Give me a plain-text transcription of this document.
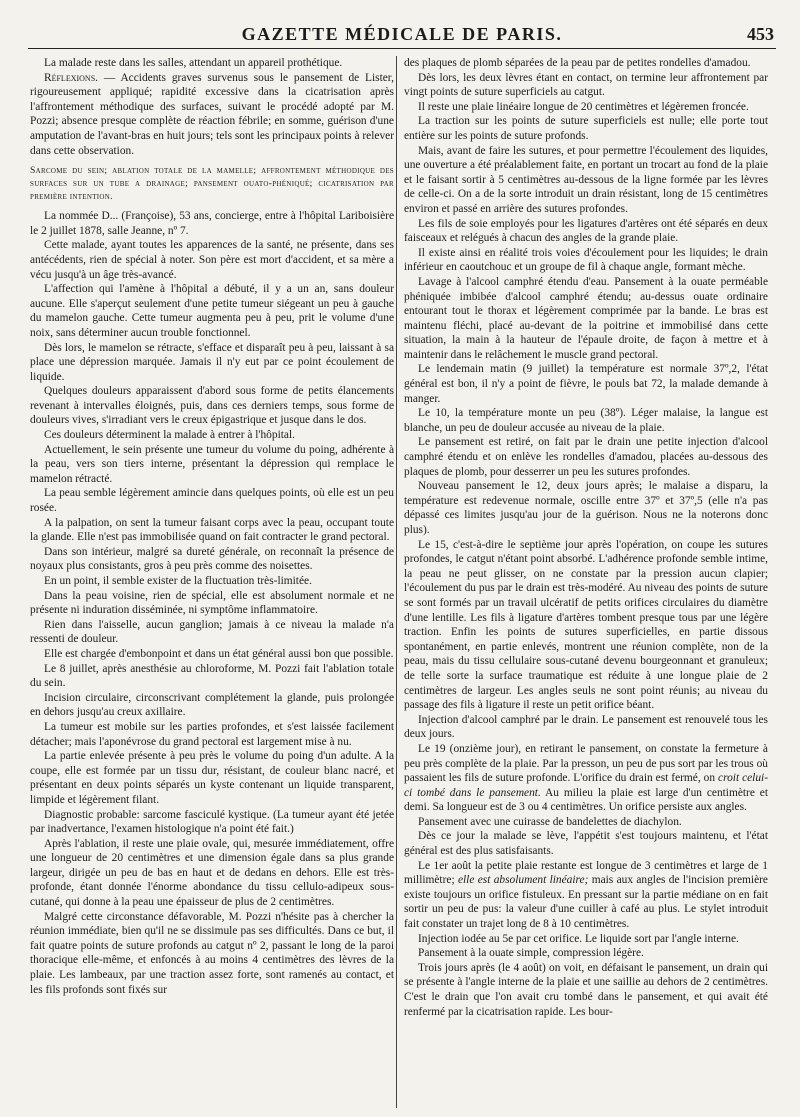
GAZETTE MÉDICALE DE PARIS.	453

La malade reste dans les salles, attendant un appareil prothétique.

Réflexions. — Accidents graves survenus sous le pansement de Lister, rigoureusement appliqué; rapidité excessive dans la cicatrisation après l'affrontement méthodique des surfaces, suivant le procédé adopté par M. Pozzi; absence presque complète de réaction fébrile; en somme, guérison d'une amputation de l'avant-bras en huit jours; tels sont les principaux points à relever dans cette observation.

Sarcome du sein; ablation totale de la mamelle; affrontement méthodique des surfaces sur un tube a drainage; pansement ouato-phéniqué; cicatrisation par première intention.

La nommée D... (Françoise), 53 ans, concierge, entre à l'hôpital Lariboisière le 2 juillet 1878, salle Jeanne, nº 7.

Cette malade, ayant toutes les apparences de la santé, ne présente, dans ses antécédents, rien de spécial à noter. Son père est mort d'accident, et sa mère a vécu jusqu'à un âge très-avancé.

L'affection qui l'amène à l'hôpital a débuté, il y a un an, sans douleur aucune. Elle s'aperçut seulement d'une petite tumeur siégeant un peu à gauche du mamelon gauche. Cette tumeur augmenta peu à peu, prit le volume d'une noix, sans déterminer aucun trouble fonctionnel.

Dès lors, le mamelon se rétracte, s'efface et disparaît peu à peu, laissant à sa place une dépression marquée. Jamais il n'y eut par ce point écoulement de liquide.

Quelques douleurs apparaissent d'abord sous forme de petits élancements revenant à intervalles éloignés, puis, dans ces derniers temps, sous forme de douleurs vives, s'irradiant vers le creux épigastrique et jusque dans le dos.

Ces douleurs déterminent la malade à entrer à l'hôpital.

Actuellement, le sein présente une tumeur du volume du poing, adhérente à la peau, vers son tiers interne, présentant la dépression qui remplace le mamelon rétracté.

La peau semble légèrement amincie dans quelques points, où elle est un peu rosée.

A la palpation, on sent la tumeur faisant corps avec la peau, occupant toute la glande. Elle n'est pas immobilisée quand on fait contracter le grand pectoral.

Dans son intérieur, malgré sa dureté générale, on reconnaît la présence de noyaux plus consistants, gros à peu près comme des noisettes.

En un point, il semble exister de la fluctuation très-limitée.

Dans la peau voisine, rien de spécial, elle est absolument normale et ne présente ni induration disséminée, ni symptôme inflammatoire.

Rien dans l'aisselle, aucun ganglion; jamais à ce niveau la malade n'a ressenti de douleur.

Elle est chargée d'embonpoint et dans un état général aussi bon que possible.

Le 8 juillet, après anesthésie au chloroforme, M. Pozzi fait l'ablation totale du sein.

Incision circulaire, circonscrivant complétement la glande, puis prolongée en dehors jusqu'au creux axillaire.

La tumeur est mobile sur les parties profondes, et s'est laissée facilement détacher; mais l'aponévrose du grand pectoral est largement mise à nu.

La partie enlevée présente à peu près le volume du poing d'un adulte. A la coupe, elle est formée par un tissu dur, résistant, de couleur blanc nacré, et présentant en deux points séparés un kyste contenant un liquide transparent, limpide et légèrement filant.

Diagnostic probable: sarcome fasciculé kystique. (La tumeur ayant été jetée par inadvertance, l'examen histologique n'a point été fait.)

Après l'ablation, il reste une plaie ovale, qui, mesurée immédiatement, offre une longueur de 20 centimètres et une dimension égale dans sa plus grande largeur, dirigée un peu de bas en haut et de dedans en dehors. Elle est très-profonde, étant donnée l'énorme abondance du tissu cellulo-adipeux sous-cutané, qui donne à la peau une épaisseur de plus de 2 centimètres.

Malgré cette circonstance défavorable, M. Pozzi n'hésite pas à chercher la réunion immédiate, bien qu'il ne se dissimule pas ses difficultés. Dans ce but, il fait quatre points de suture profonds au catgut nº 2, passant le long de la paroi thoracique elle-même, et enfoncés à au moins 4 centimètres des lèvres de la plaie. Les lambeaux, par une traction assez forte, sont ramenés au contact, et les fils profonds sont fixés sur

des plaques de plomb séparées de la peau par de petites rondelles d'amadou.

Dès lors, les deux lèvres étant en contact, on termine leur affrontement par vingt points de suture superficiels au catgut.

Il reste une plaie linéaire longue de 20 centimètres et légèremen froncée.

La traction sur les points de suture superficiels est nulle; elle porte tout entière sur les points de suture profonds.

Mais, avant de faire les sutures, et pour permettre l'écoulement des liquides, une ouverture a été préalablement faite, en portant un trocart au fond de la plaie et le faisant sortir à 5 centimètres au-dessous de la ligne formée par les lèvres de celle-ci. On a de la sorte introduit un drain résistant, long de 15 centimètres environ et passé en arrière des sutures profondes.

Les fils de soie employés pour les ligatures d'artères ont été séparés en deux faisceaux et relégués à chacun des angles de la grande plaie.

Il existe ainsi en réalité trois voies d'écoulement pour les liquides; le drain inférieur en caoutchouc et un groupe de fil à chaque angle, formant mèche.

Lavage à l'alcool camphré étendu d'eau. Pansement à la ouate perméable phéniquée imbibée d'alcool camphré étendu; au-dessus ouate ordinaire entourant tout le thorax et légèrement comprimée par la bande. Le bras est maintenu fléchi, placé au-devant de la poitrine et immobilisé dans cette situation, la main à la hauteur de l'épaule droite, de façon à mettre et à maintenir dans le relâchement le muscle grand pectoral.

Le lendemain matin (9 juillet) la température est normale 37º,2, l'état général est bon, il n'y a point de fièvre, le pouls bat 72, la malade demande à manger.

Le 10, la température monte un peu (38º). Léger malaise, la langue est blanche, un peu de douleur accusée au niveau de la plaie.

Le pansement est retiré, on fait par le drain une petite injection d'alcool camphré étendu et on enlève les rondelles d'amadou, placées au-dessous des plaques de plomb, pour desserrer un peu les sutures profondes.

Nouveau pansement le 12, deux jours après; le malaise a disparu, la température est redevenue normale, oscille entre 37º et 37º,5 (elle n'a pas dépassé ces limites jusqu'au jour de la guérison. Nous ne la noterons donc plus).

Le 15, c'est-à-dire le septième jour après l'opération, on coupe les sutures profondes, le catgut n'étant point absorbé. L'adhérence profonde semble intime, la peau ne peut glisser, on ne constate par la pression aucun clapier; l'écoulement du pus par le drain est très-modéré. Au niveau des points de suture se sont formés par un travail ulcératif de petits orifices circulaires du diamètre d'une lentille. Les fils à ligature d'artères tombent presque tous par une légère traction. Enfin les points de sutures superficielles, en partie dissous spontanément, en partie enlevés, montrent une réunion complète, non de la peau, mais du tissu cellulaire sous-cutané devenu bourgeonnant et granuleux; de telle sorte la surface traumatique est réduite à une longue plaie de 2 centimètres de largeur. Les angles seuls ne sont point réunis; au niveau du passage des fils à ligature il reste un petit orifice béant.

Injection d'alcool camphré par le drain. Le pansement est renouvelé tous les deux jours.

Le 19 (onzième jour), en retirant le pansement, on constate la fermeture à peu près complète de la plaie. Par la presson, un peu de pus sort par les trous où passaient les fils de suture profonde. L'orifice du drain est fermé, on croit celui-ci tombé dans le pansement. Au milieu la plaie est large d'un centimètre et demi. Sa longueur est de 3 ou 4 centimètres. Un orifice persiste aux angles.

Pansement avec une cuirasse de bandelettes de diachylon.

Dès ce jour la malade se lève, l'appétit s'est toujours maintenu, et l'état général est des plus satisfaisants.

Le 1er août la petite plaie restante est longue de 3 centimètres et large de 1 millimètre; elle est absolument linéaire; mais aux angles de l'incision première existe toujours un orifice fistuleux. En pressant sur la partie médiane on en fait sortir un peu de pus: la valeur d'une cuiller à café au plus. Le stylet introduit fait constater un trajet long de 8 à 10 centimètres.

Injection iodée au 5e par cet orifice. Le liquide sort par l'angle interne.

Pansement à la ouate simple, compression légère.

Trois jours après (le 4 août) on voit, en défaisant le pansement, un drain qui se présente à l'angle interne de la plaie et une saillie au dehors de 2 centimètres. C'est le drain que l'on avait cru tombé dans le pansement, et qui avait été renfermé par la cicatrisation rapide. Les bour-
